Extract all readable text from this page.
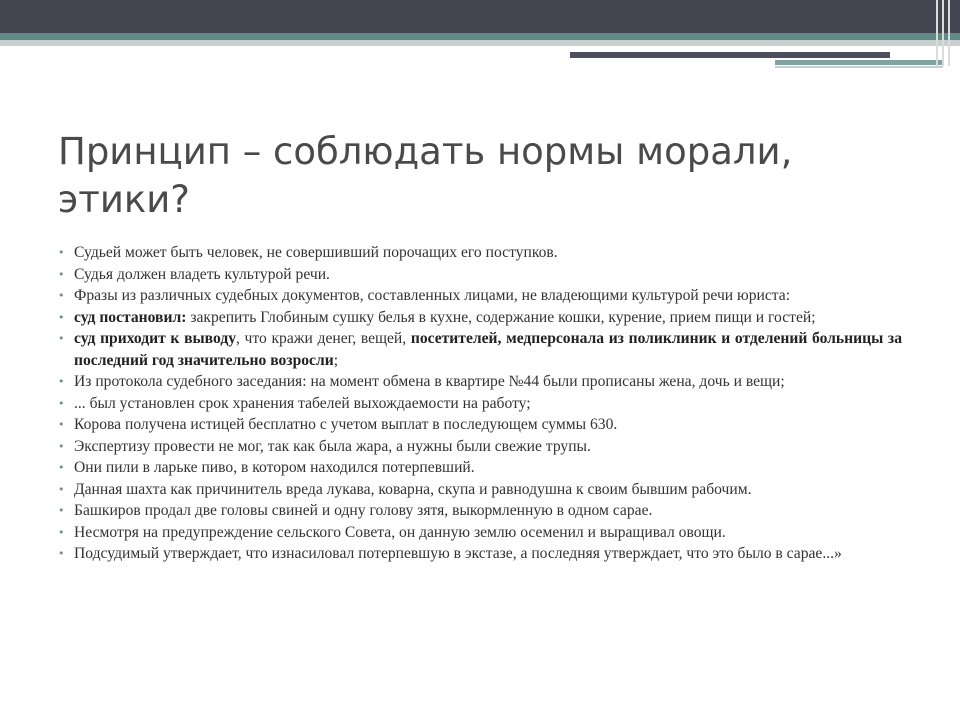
Принцип – соблюдать нормы морали, этики?
• Судьей может быть человек, не совершивший порочащих его поступков.
• Судья должен владеть культурой речи.
• Фразы из различных судебных документов, составленных лицами, не владеющими культурой речи юриста:
• суд постановил: закрепить Глобиным сушку белья в кухне, содержание кошки, курение, прием пищи и гостей;
• суд приходит к выводу, что кражи денег, вещей, посетителей, медперсонала из поликлиник и отделений больницы за последний год значительно возросли;
• Из протокола судебного заседания: на момент обмена в квартире №44 были прописаны жена, дочь и вещи;
• ... был установлен срок хранения табелей выхождаемости на работу;
• Корова получена истицей бесплатно с учетом выплат в последующем суммы 630.
• Экспертизу провести не мог, так как была жара, а нужны были свежие трупы.
• Они пили в ларьке пиво, в котором находился потерпевший.
• Данная шахта как причинитель вреда лукава, коварна, скупа и равнодушна к своим бывшим рабочим.
• Башкиров продал две головы свиней и одну голову зятя, выкормленную в одном сарае.
• Несмотря на предупреждение сельского Совета, он данную землю осеменил и выращивал овощи.
• Подсудимый утверждает, что изнасиловал потерпевшую в экстазе, а последняя утверждает, что это было в сарае...»
